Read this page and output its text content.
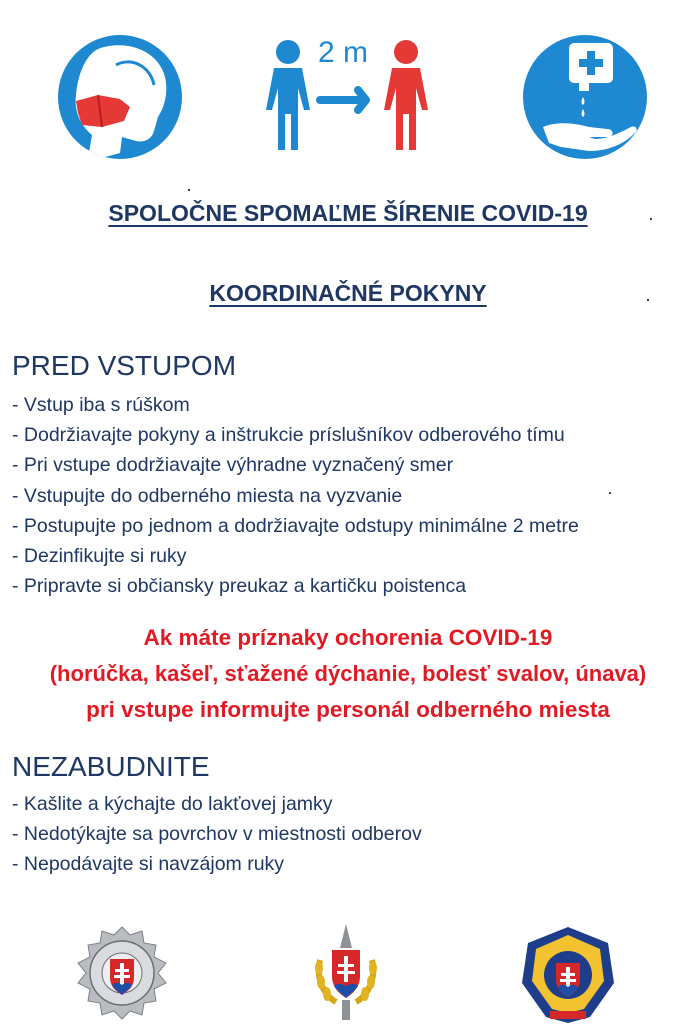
2 m
SPOLOČNE SPOMAĽME ŠÍRENIE COVID-19
KOORDINAČNÉ POKYNY
PRED VSTUPOM
- Vstup iba s rúškom
- Dodržiavajte pokyny a inštrukcie príslušníkov odberového tímu
- Pri vstupe dodržiavajte výhradne vyznačený smer
- Vstupujte do odberného miesta na vyzvanie
- Postupujte po jednom a dodržiavajte odstupy minimálne 2 metre
- Dezinfikujte si ruky
- Pripravte si občiansky preukaz a kartičku poistenca
Ak máte príznaky ochorenia COVID-19
(horúčka, kašeľ, sťažené dýchanie, bolesť svalov, únava)
pri vstupe informujte personál odberného miesta
NEZABUDNITE
- Kašlite a kýchajte do lakťovej jamky
- Nedotýkajte sa povrchov v miestnosti odberov
- Nepodávajte si navzájom ruky
